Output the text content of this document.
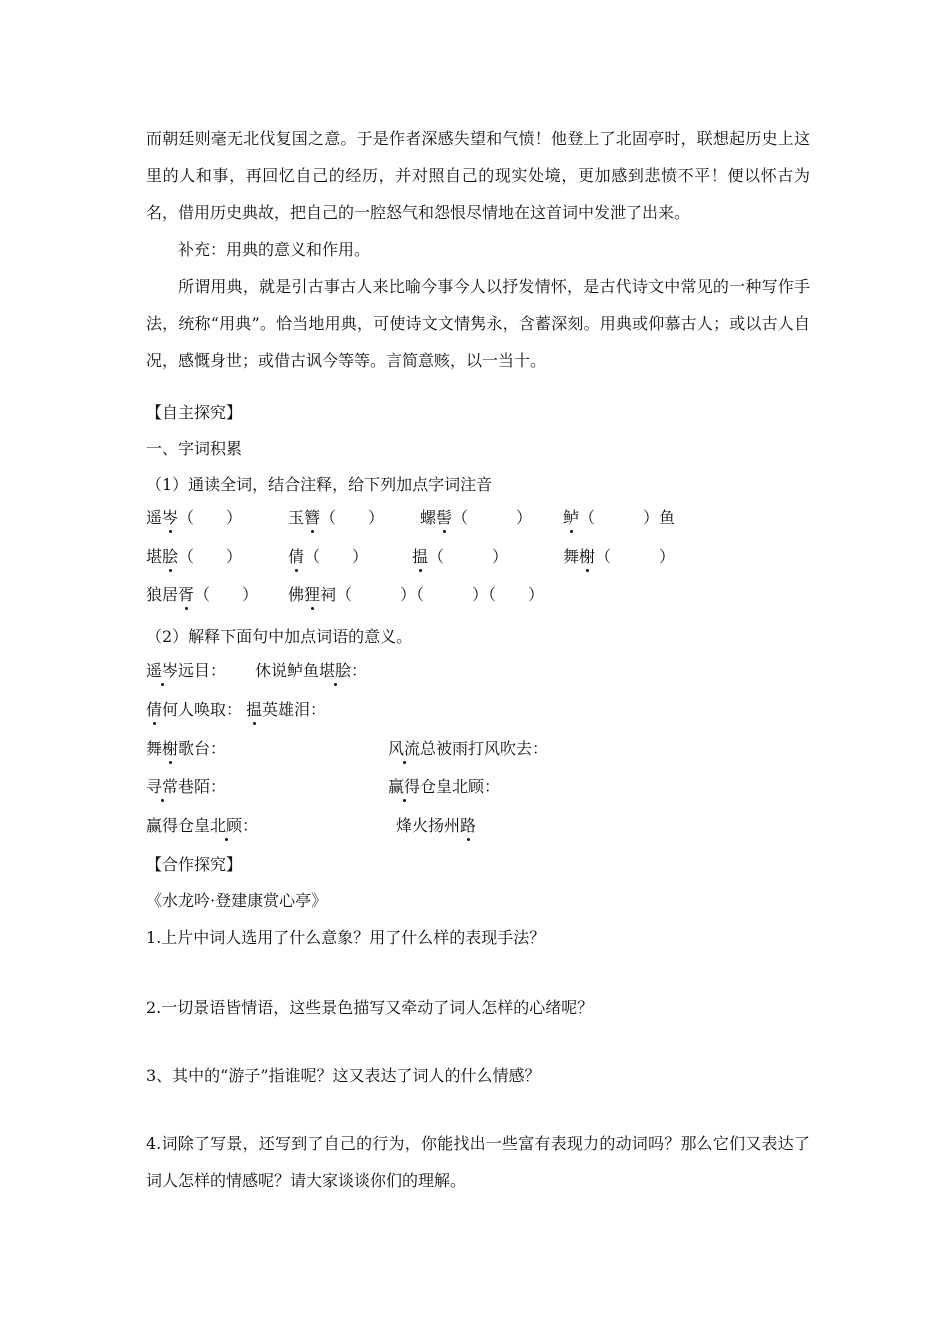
而朝廷则毫无北伐复国之意。于是作者深感失望和气愤！他登上了北固亭时，联想起历史上这里的人和事，再回忆自己的经历，并对照自己的现实处境，更加感到悲愤不平！便以怀古为名，借用历史典故，把自己的一腔怒气和怨恨尽情地在这首词中发泄了出来。

补充：用典的意义和作用。

所谓用典，就是引古事古人来比喻今事今人以抒发情怀，是古代诗文中常见的一种写作手法，统称“用典”。恰当地用典，可使诗文文情隽永，含蓄深刻。用典或仰慕古人；或以古人自况，感慨身世；或借古讽今等等。言简意赅，以一当十。

【自主探究】
一、字词积累
（1）通读全词，结合注释，给下列加点字词注音
遥岑（　　）	玉簪（　　） 螺髻（　　　） 鲈（　　　）鱼
堪脍（　　）	倩（　　）	揾（　　　）	舞榭（　　　）
狼居胥（　　） 佛狸祠（　　　）（　　　）（　　）
（2）解释下面句中加点词语的意义。
遥岑远目： 休说鲈鱼堪脍：
倩何人唤取： 揾英雄泪：
舞榭歌台：	风流总被雨打风吹去：
寻常巷陌：	赢得仓皇北顾：
赢得仓皇北顾：	烽火扬州路
【合作探究】
《水龙吟·登建康赏心亭》
1.上片中词人选用了什么意象？用了什么样的表现手法？
2.一切景语皆情语，这些景色描写又牵动了词人怎样的心绪呢？
3、其中的“游子”指谁呢？这又表达了词人的什么情感？

4.词除了写景，还写到了自己的行为，你能找出一些富有表现力的动词吗？那么它们又表达了词人怎样的情感呢？请大家谈谈你们的理解。
